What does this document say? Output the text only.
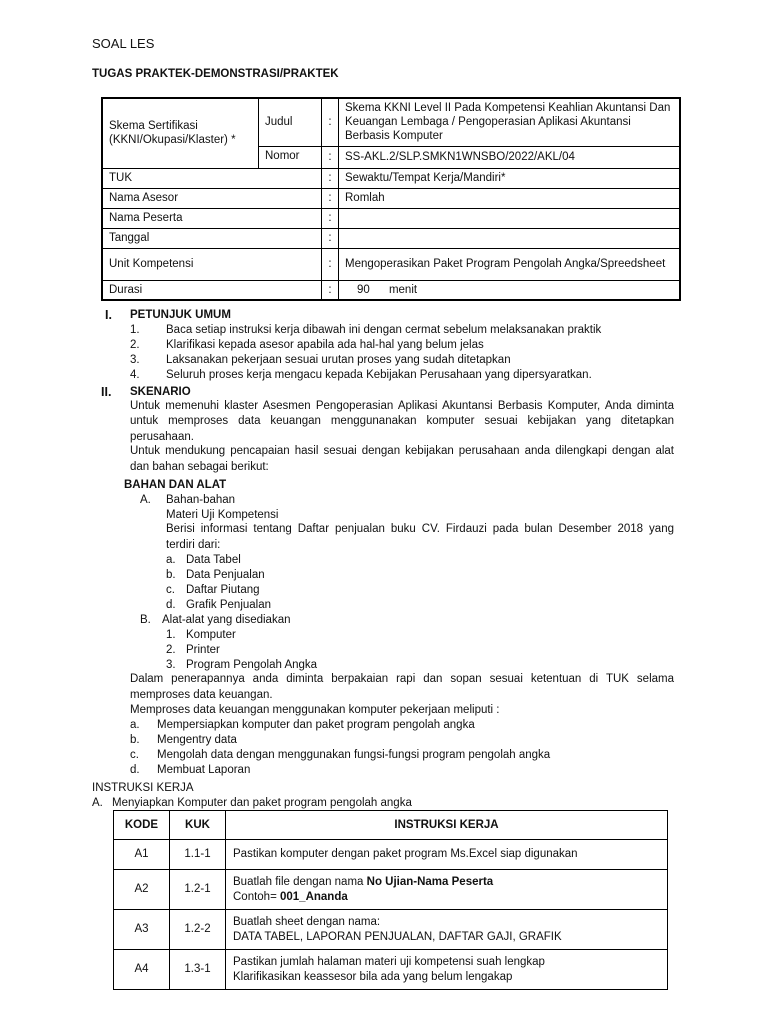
SOAL LES
TUGAS PRAKTEK-DEMONSTRASI/PRAKTEK
Skema Sertifikasi (KKNI/Okupasi/Klaster) *	Judul	:	Skema KKNI Level II Pada Kompetensi Keahlian Akuntansi Dan Keuangan Lembaga / Pengoperasian Aplikasi Akuntansi Berbasis Komputer
	Nomor	:	SS-AKL.2/SLP.SMKN1WNSBO/2022/AKL/04
TUK		:	Sewaktu/Tempat Kerja/Mandiri*
Nama Asesor		:	Romlah
Nama Peserta		:	
Tanggal		:	
Unit Kompetensi		:	Mengoperasikan Paket Program Pengolah Angka/Spreedsheet
Durasi		:	90      menit
I. PETUNJUK UMUM
1. Baca setiap instruksi kerja dibawah ini dengan cermat sebelum melaksanakan praktik
2. Klarifikasi kepada asesor apabila ada hal-hal yang belum jelas
3. Laksanakan pekerjaan sesuai urutan proses yang sudah ditetapkan
4. Seluruh proses kerja mengacu kepada Kebijakan Perusahaan yang dipersyaratkan.
II. SKENARIO
Untuk memenuhi klaster Asesmen Pengoperasian Aplikasi Akuntansi Berbasis Komputer, Anda diminta
untuk memproses data keuangan menggunanakan komputer sesuai kebijakan yang ditetapkan
perusahaan.
Untuk mendukung pencapaian hasil sesuai dengan kebijakan perusahaan anda dilengkapi dengan alat
dan bahan sebagai berikut:
BAHAN DAN ALAT
A. Bahan-bahan
Materi Uji Kompetensi
Berisi informasi tentang Daftar penjualan buku CV. Firdauzi pada bulan Desember 2018 yang
terdiri dari:
a. Data Tabel
b. Data Penjualan
c. Daftar Piutang
d. Grafik Penjualan
B. Alat-alat yang disediakan
1. Komputer
2. Printer
3. Program Pengolah Angka
Dalam penerapannya anda diminta berpakaian rapi dan sopan sesuai ketentuan di TUK selama
memproses data keuangan.
Memproses data keuangan menggunakan komputer pekerjaan meliputi :
a. Mempersiapkan komputer dan paket program pengolah angka
b. Mengentry data
c. Mengolah data dengan menggunakan fungsi-fungsi program pengolah angka
d. Membuat Laporan
INSTRUKSI KERJA
A. Menyiapkan Komputer dan paket program pengolah angka
KODE	KUK	INSTRUKSI KERJA
A1	1.1-1	Pastikan komputer dengan paket program Ms.Excel siap digunakan
A2	1.2-1	Buatlah file dengan nama No Ujian-Nama Peserta
Contoh= 001_Ananda

A3	1.2-2	Buatlah sheet dengan nama:
DATA TABEL, LAPORAN PENJUALAN, DAFTAR GAJI, GRAFIK

A4	1.3-1	Pastikan jumlah halaman materi uji kompetensi suah lengkap
Klarifikasikan keassesor bila ada yang belum lengakap
